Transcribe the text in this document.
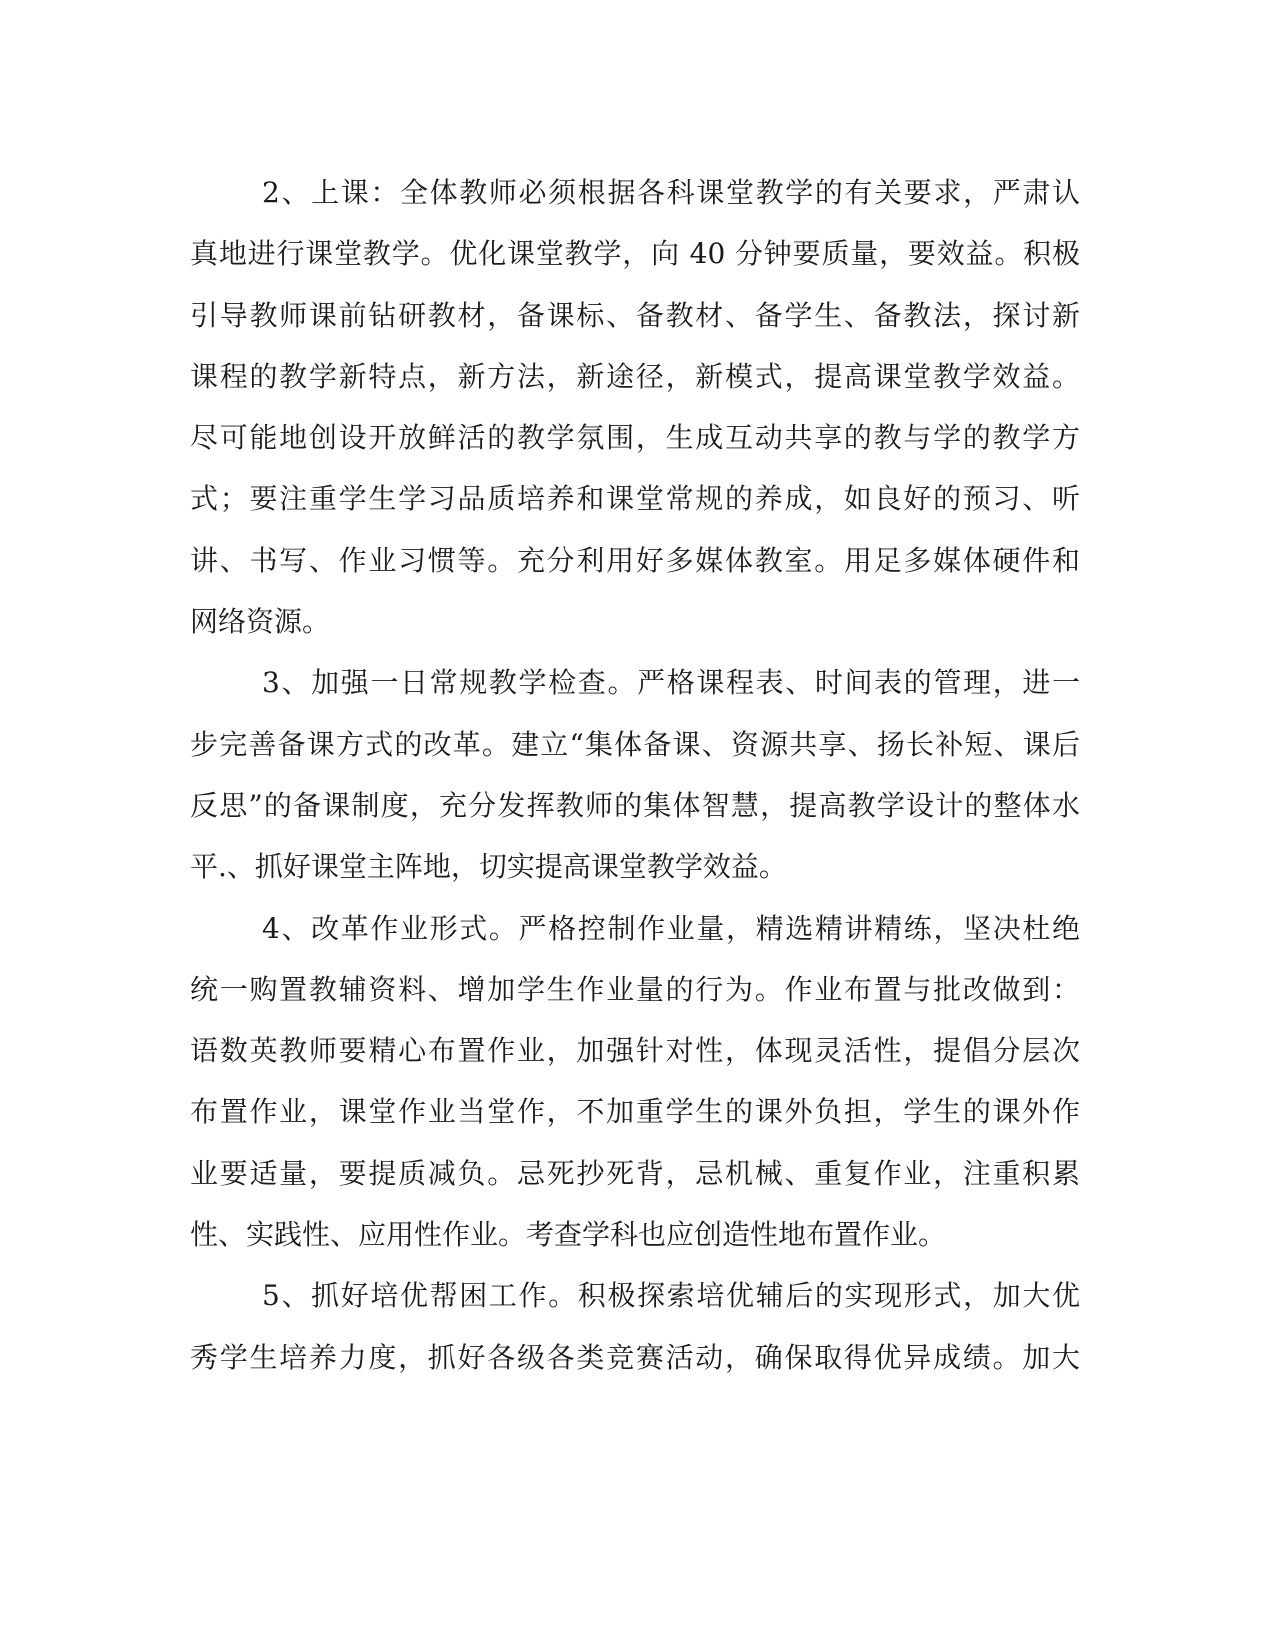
2、上课：全体教师必须根据各科课堂教学的有关要求，严肃认
真地进行课堂教学。优化课堂教学，向 40 分钟要质量，要效益。积极
引导教师课前钻研教材，备课标、备教材、备学生、备教法，探讨新
课程的教学新特点，新方法，新途径，新模式，提高课堂教学效益。
尽可能地创设开放鲜活的教学氛围，生成互动共享的教与学的教学方
式；要注重学生学习品质培养和课堂常规的养成，如良好的预习、听
讲、书写、作业习惯等。充分利用好多媒体教室。用足多媒体硬件和
网络资源。
3、加强一日常规教学检查。严格课程表、时间表的管理，进一
步完善备课方式的改革。建立“集体备课、资源共享、扬长补短、课后
反思”的备课制度，充分发挥教师的集体智慧，提高教学设计的整体水
平.、抓好课堂主阵地，切实提高课堂教学效益。
4、改革作业形式。严格控制作业量，精选精讲精练，坚决杜绝
统一购置教辅资料、增加学生作业量的行为。作业布置与批改做到：
语数英教师要精心布置作业，加强针对性，体现灵活性，提倡分层次
布置作业，课堂作业当堂作，不加重学生的课外负担，学生的课外作
业要适量，要提质减负。忌死抄死背，忌机械、重复作业，注重积累
性、实践性、应用性作业。考查学科也应创造性地布置作业。
5、抓好培优帮困工作。积极探索培优辅后的实现形式，加大优
秀学生培养力度，抓好各级各类竞赛活动，确保取得优异成绩。加大
